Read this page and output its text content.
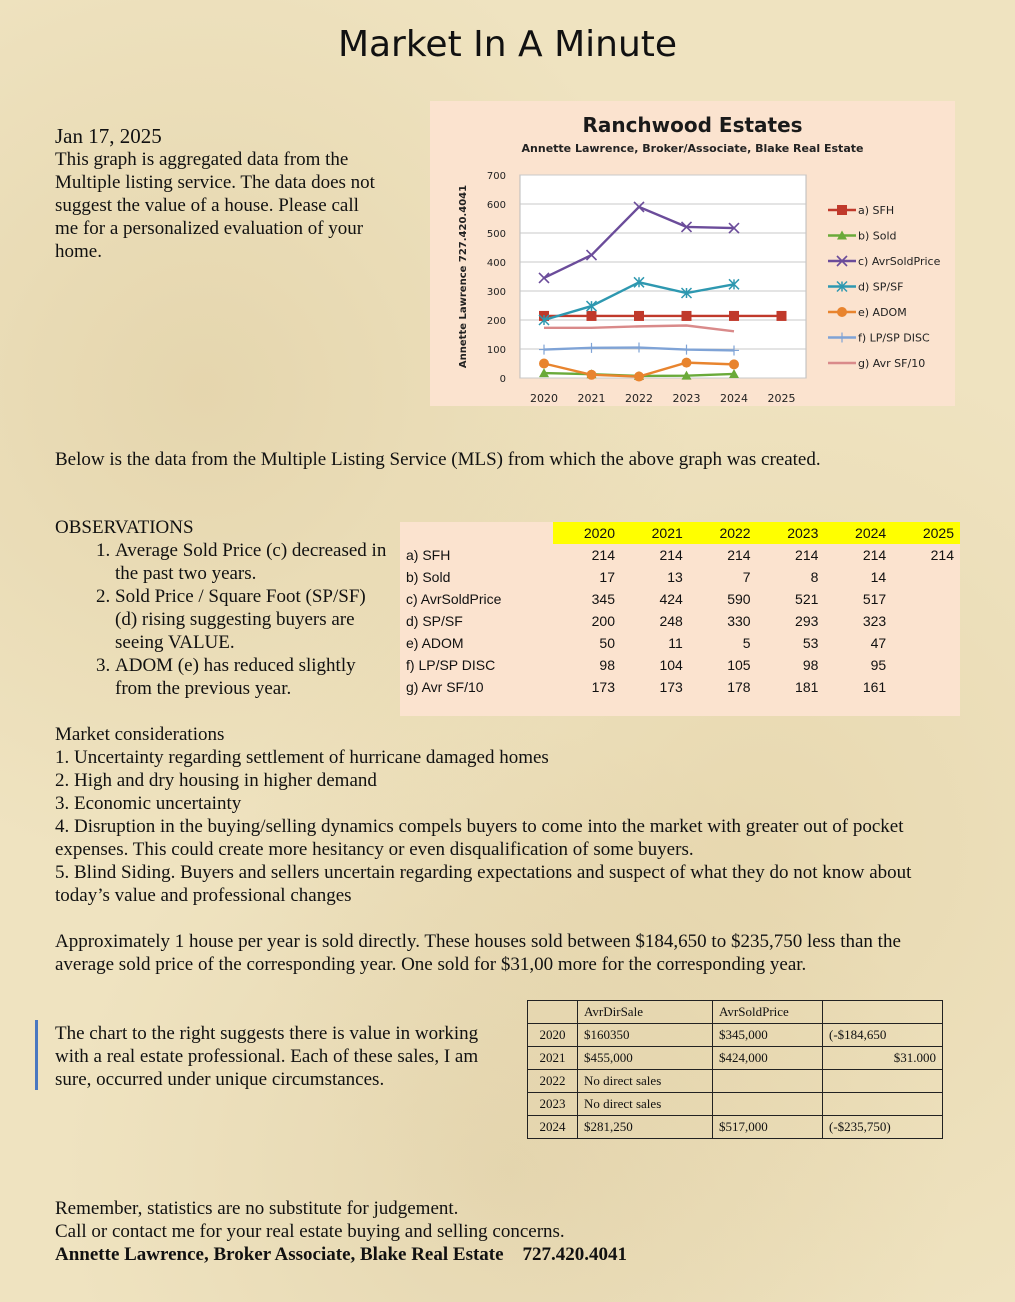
Market In A Minute
Jan 17, 2025
This graph is aggregated data from the Multiple listing service. The data does not suggest the value of a house. Please call me for a personalized evaluation of your home.
0
100
200
300
400
500
600
700
2020 2021 2022 2023 2024 2025
Annette Lawrence 727.420.4041	a) SFH
b) Sold
c) AvrSoldPrice
d) SP/SF
e) ADOM
f) LP/SP DISC
g) Avr SF/10
Ranchwood Estates
Annette Lawrence, Broker/Associate, Blake Real Estate
Below is the data from the Multiple Listing Service (MLS) from which the above graph was created.
OBSERVATIONS
1. Average Sold Price (c) decreased in the past two years.
2. Sold Price / Square Foot (SP/SF) (d) rising suggesting buyers are seeing VALUE.
3. ADOM (e) has reduced slightly from the previous year.
	2020	2021	2022	2023	2024	2025
a) SFH	214	214	214	214	214	214
b) Sold	17	13	7	8	14	
c) AvrSoldPrice	345	424	590	521	517	
d) SP/SF	200	248	330	293	323	
e) ADOM	50	11	5	53	47	
f) LP/SP DISC	98	104	105	98	95	
g) Avr SF/10	173	173	178	181	161	
Market considerations
1. Uncertainty regarding settlement of hurricane damaged homes
2. High and dry housing in higher demand
3. Economic uncertainty
4. Disruption in the buying/selling dynamics compels buyers to come into the market with greater out of pocket expenses. This could create more hesitancy or even disqualification of some buyers.
5. Blind Siding. Buyers and sellers uncertain regarding expectations and suspect of what they do not know about today’s value and professional changes
Approximately 1 house per year is sold directly. These houses sold between $184,650 to $235,750 less than the average sold price of the corresponding year. One sold for $31,00 more for the corresponding year.
The chart to the right suggests there is value in working with a real estate professional. Each of these sales, I am sure, occurred under unique circumstances.
	AvrDirSale	AvrSoldPrice	
2020	$160350	$345,000	(-$184,650
2021	$455,000	$424,000	$31.000
2022	No direct sales		
2023	No direct sales		
2024	$281,250	$517,000	(-$235,750)
Remember, statistics are no substitute for judgement.
Call or contact me for your real estate buying and selling concerns.
Annette Lawrence, Broker Associate, Blake Real Estate    727.420.4041
